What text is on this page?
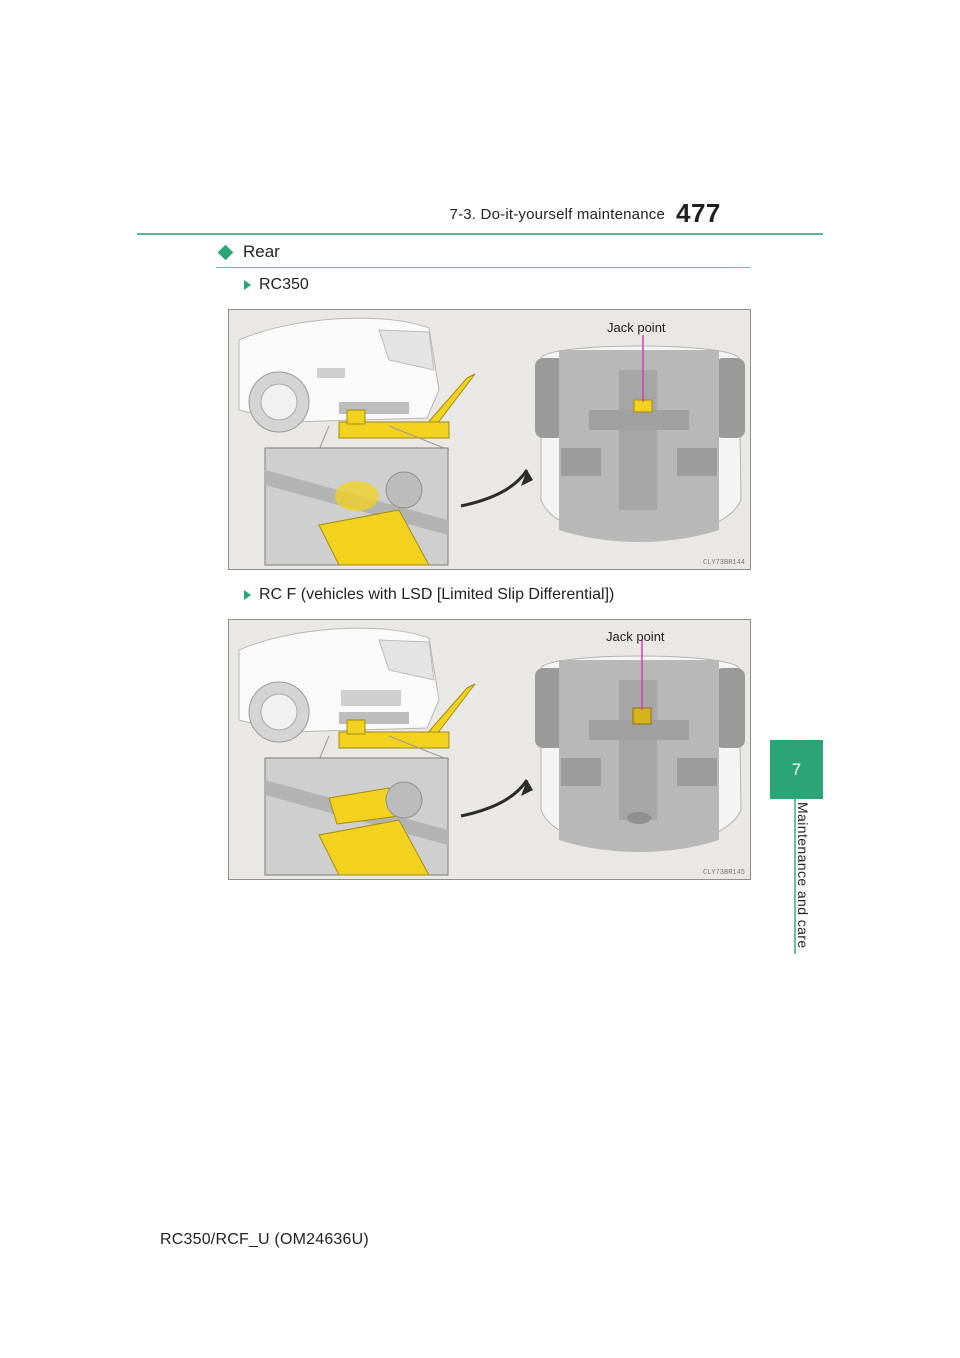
7-3. Do-it-yourself maintenance 477
Rear
RC350
Jack point
CLY73BR144
RC F (vehicles with LSD [Limited Slip Differential])
Jack point
CLY73BR145
7
Maintenance and care
RC350/RCF_U (OM24636U)
